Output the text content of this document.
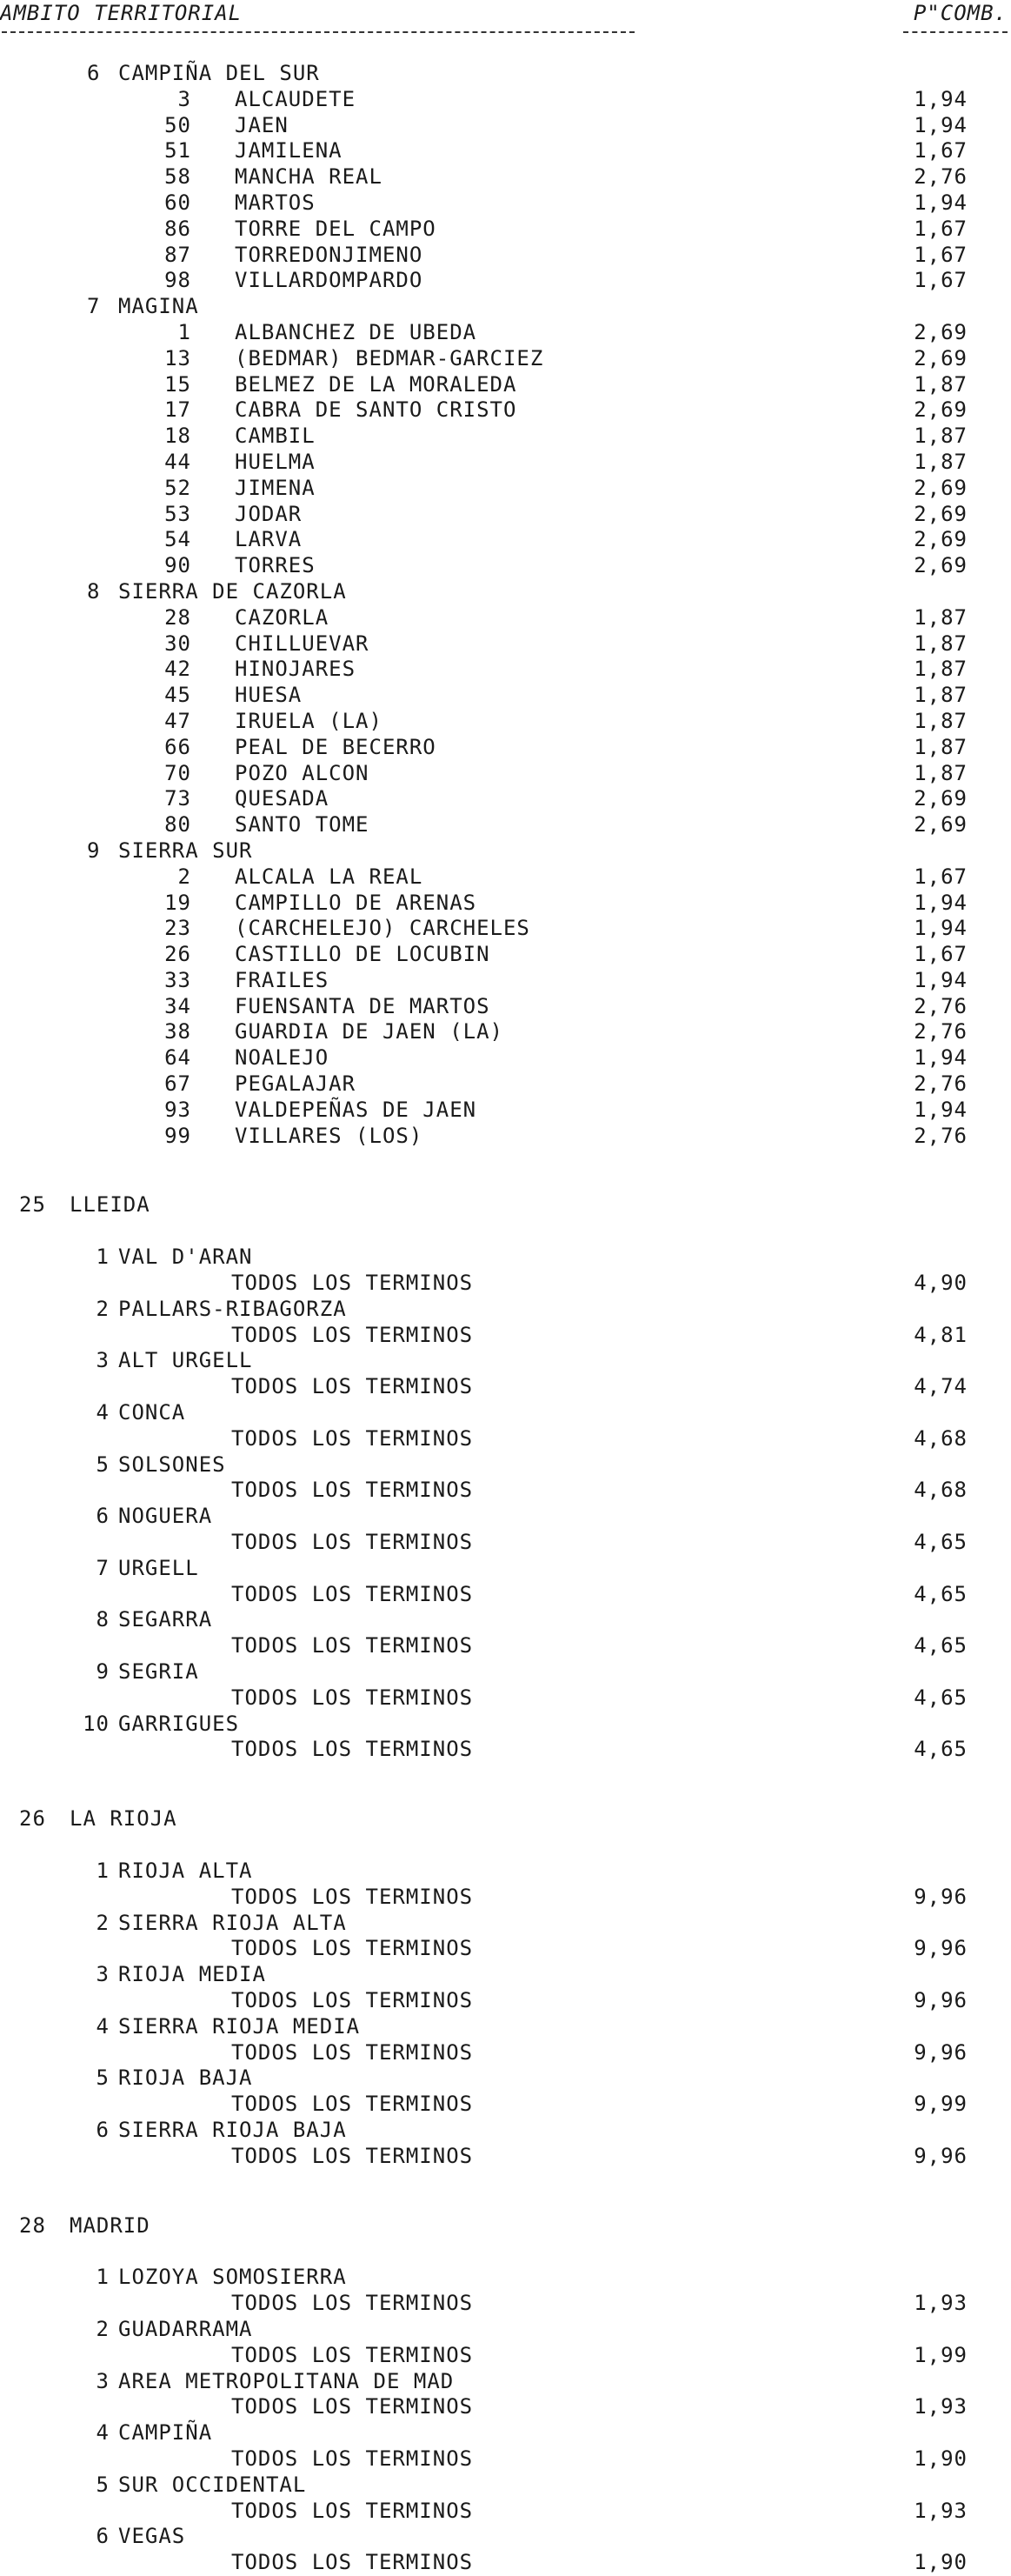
AMBITO TERRITORIAL	P"COMB.
6 CAMPIÑA DEL SUR
3 ALCAUDETE	1,94
50 JAEN	1,94
51 JAMILENA	1,67
58 MANCHA REAL	2,76
60 MARTOS	1,94
86 TORRE DEL CAMPO	1,67
87 TORREDONJIMENO	1,67
98 VILLARDOMPARDO	1,67
7 MAGINA
1 ALBANCHEZ DE UBEDA	2,69
13 (BEDMAR) BEDMAR-GARCIEZ	2,69
15 BELMEZ DE LA MORALEDA	1,87
17 CABRA DE SANTO CRISTO	2,69
18 CAMBIL	1,87
44 HUELMA	1,87
52 JIMENA	2,69
53 JODAR	2,69
54 LARVA	2,69
90 TORRES	2,69
8 SIERRA DE CAZORLA
28 CAZORLA	1,87
30 CHILLUEVAR	1,87
42 HINOJARES	1,87
45 HUESA	1,87
47 IRUELA (LA)	1,87
66 PEAL DE BECERRO	1,87
70 POZO ALCON	1,87
73 QUESADA	2,69
80 SANTO TOME	2,69
9 SIERRA SUR
2 ALCALA LA REAL	1,67
19 CAMPILLO DE ARENAS	1,94
23 (CARCHELEJO) CARCHELES	1,94
26 CASTILLO DE LOCUBIN	1,67
33 FRAILES	1,94
34 FUENSANTA DE MARTOS	2,76
38 GUARDIA DE JAEN (LA)	2,76
64 NOALEJO	1,94
67 PEGALAJAR	2,76
93 VALDEPEÑAS DE JAEN	1,94
99 VILLARES (LOS)	2,76
25 LLEIDA
1 VAL D'ARAN
TODOS LOS TERMINOS	4,90
2 PALLARS-RIBAGORZA
TODOS LOS TERMINOS	4,81
3 ALT URGELL
TODOS LOS TERMINOS	4,74
4 CONCA
TODOS LOS TERMINOS	4,68
5 SOLSONES
TODOS LOS TERMINOS	4,68
6 NOGUERA
TODOS LOS TERMINOS	4,65
7 URGELL
TODOS LOS TERMINOS	4,65
8 SEGARRA
TODOS LOS TERMINOS	4,65
9 SEGRIA
TODOS LOS TERMINOS	4,65
10 GARRIGUES
TODOS LOS TERMINOS	4,65
26 LA RIOJA
1 RIOJA ALTA
TODOS LOS TERMINOS	9,96
2 SIERRA RIOJA ALTA
TODOS LOS TERMINOS	9,96
3 RIOJA MEDIA
TODOS LOS TERMINOS	9,96
4 SIERRA RIOJA MEDIA
TODOS LOS TERMINOS	9,96
5 RIOJA BAJA
TODOS LOS TERMINOS	9,99
6 SIERRA RIOJA BAJA
TODOS LOS TERMINOS	9,96
28 MADRID
1 LOZOYA SOMOSIERRA
TODOS LOS TERMINOS	1,93
2 GUADARRAMA
TODOS LOS TERMINOS	1,99
3 AREA METROPOLITANA DE MAD
TODOS LOS TERMINOS	1,93
4 CAMPIÑA
TODOS LOS TERMINOS	1,90
5 SUR OCCIDENTAL
TODOS LOS TERMINOS	1,93
6 VEGAS
TODOS LOS TERMINOS	1,90
